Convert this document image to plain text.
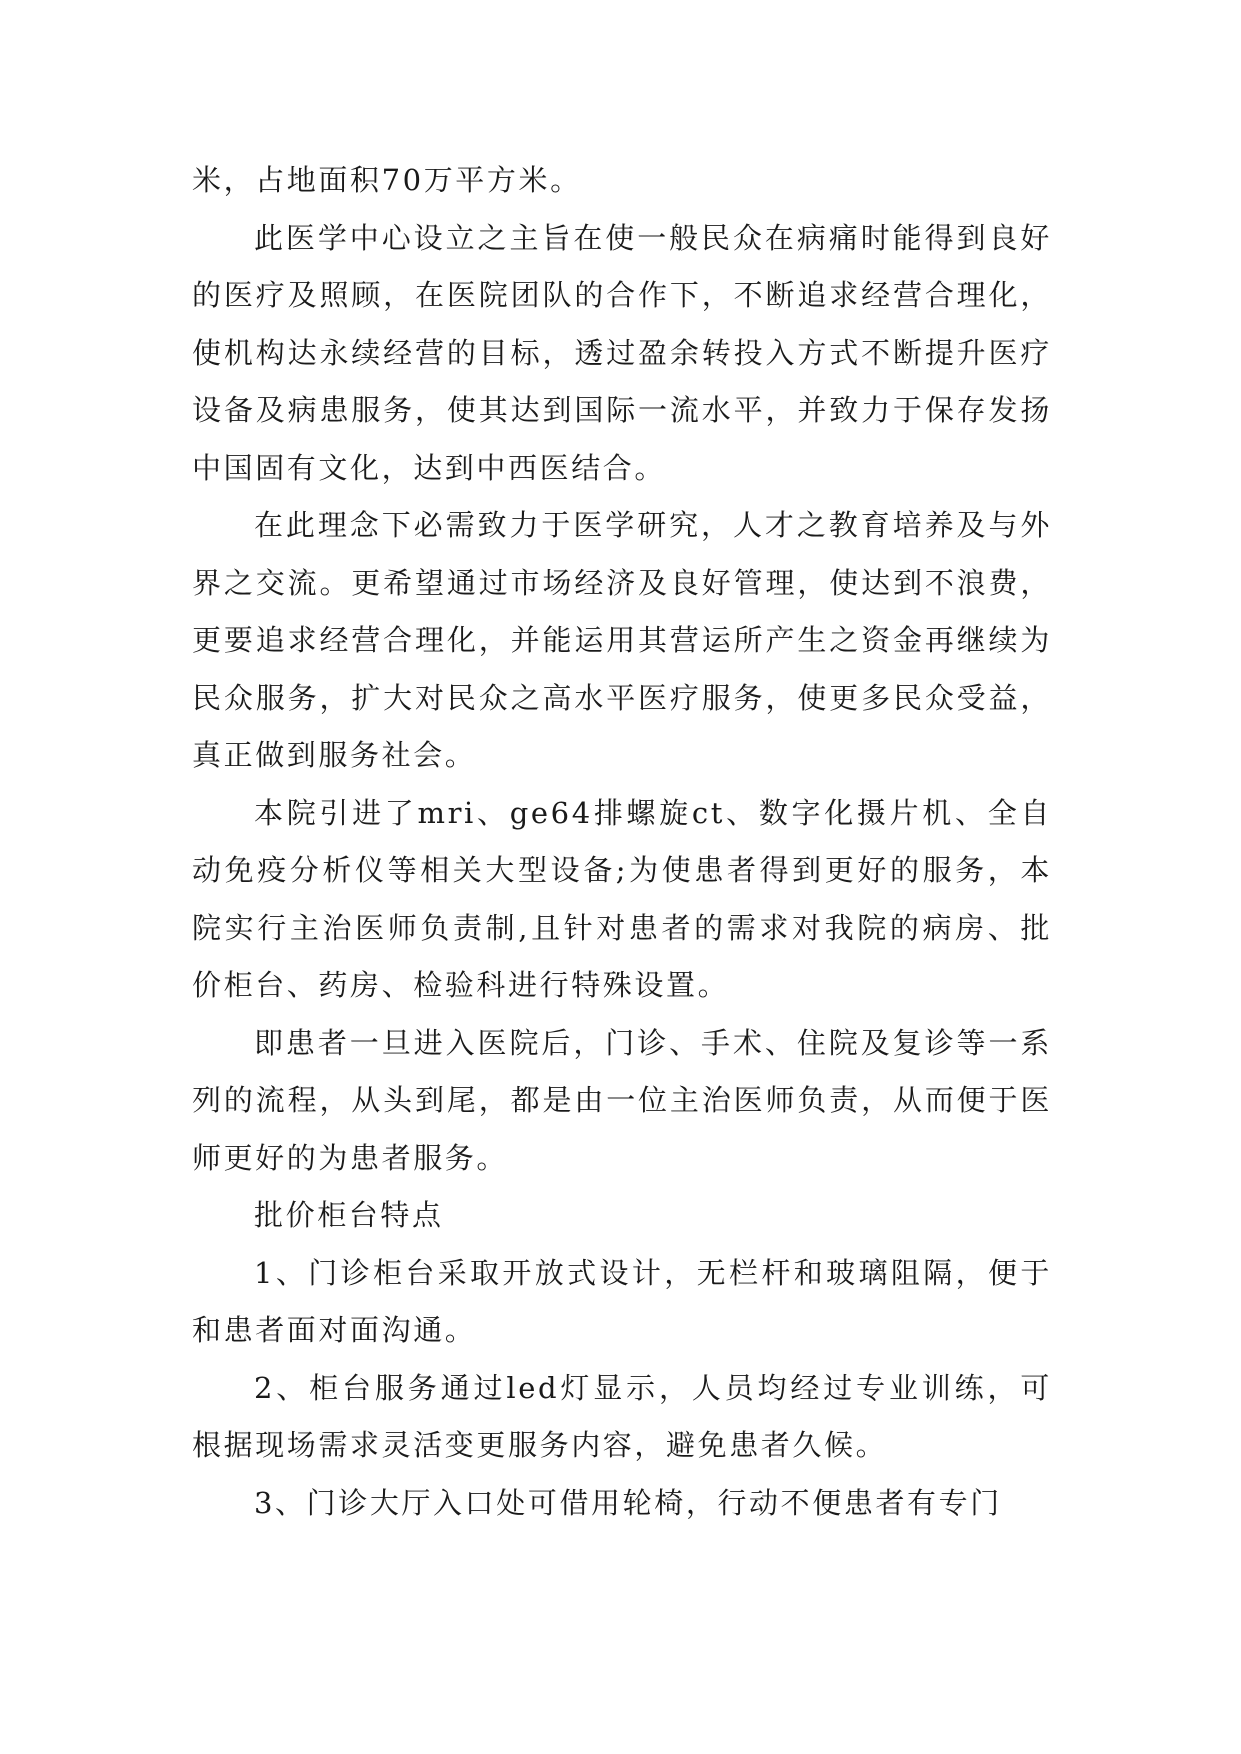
米，占地面积70万平方米。

此医学中心设立之主旨在使一般民众在病痛时能得到良好的医疗及照顾，在医院团队的合作下，不断追求经营合理化，使机构达永续经营的目标，透过盈余转投入方式不断提升医疗设备及病患服务，使其达到国际一流水平，并致力于保存发扬中国固有文化，达到中西医结合。

在此理念下必需致力于医学研究，人才之教育培养及与外界之交流。更希望通过市场经济及良好管理，使达到不浪费，更要追求经营合理化，并能运用其营运所产生之资金再继续为民众服务，扩大对民众之高水平医疗服务，使更多民众受益，真正做到服务社会。

本院引进了mri、ge64排螺旋ct、数字化摄片机、全自动免疫分析仪等相关大型设备;为使患者得到更好的服务，本院实行主治医师负责制,且针对患者的需求对我院的病房、批价柜台、药房、检验科进行特殊设置。

即患者一旦进入医院后，门诊、手术、住院及复诊等一系列的流程，从头到尾，都是由一位主治医师负责，从而便于医师更好的为患者服务。

批价柜台特点

1、门诊柜台采取开放式设计，无栏杆和玻璃阻隔，便于和患者面对面沟通。

2、柜台服务通过led灯显示，人员均经过专业训练，可根据现场需求灵活变更服务内容，避免患者久候。

3、门诊大厅入口处可借用轮椅，行动不便患者有专门
